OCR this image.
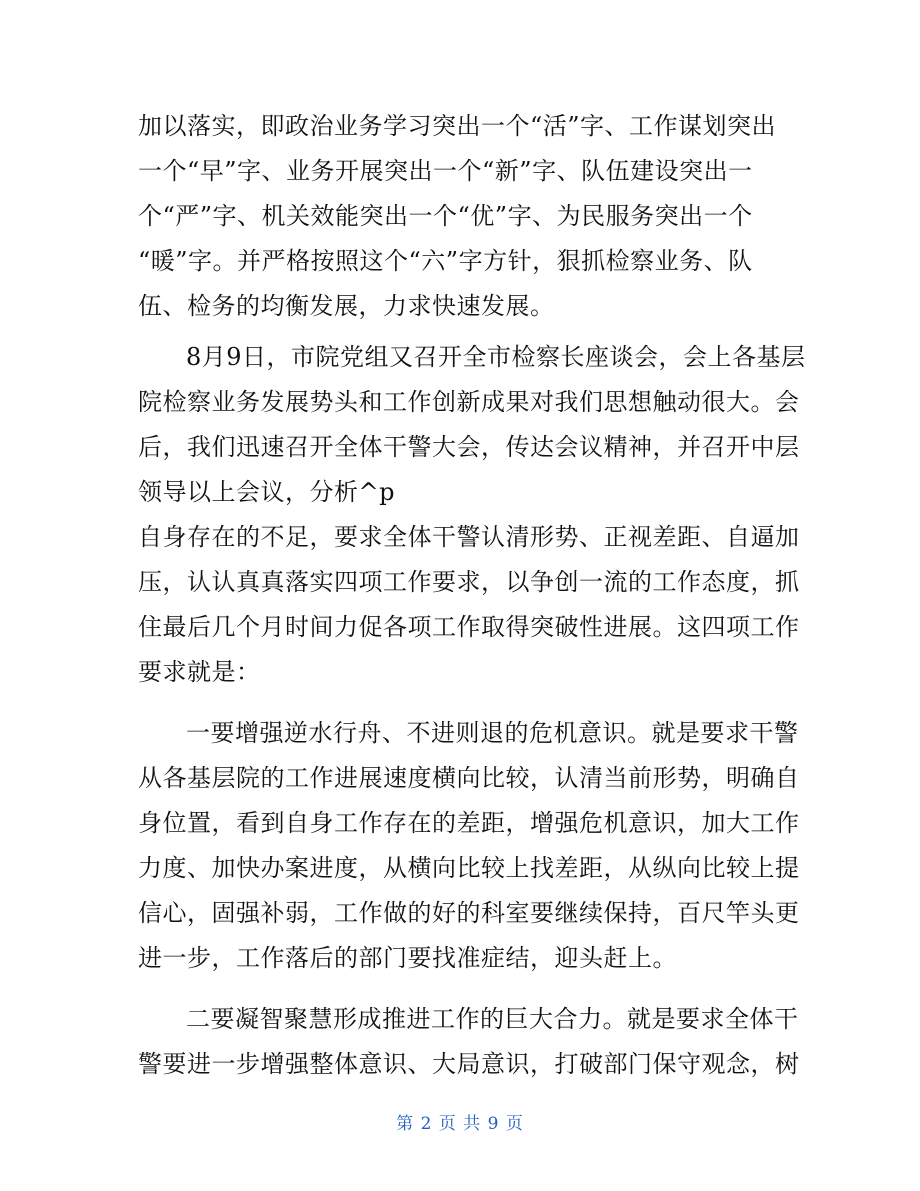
加以落实，即政治业务学习突出一个“活”字、工作谋划突出
一个“早”字、业务开展突出一个“新”字、队伍建设突出一
个“严”字、机关效能突出一个“优”字、为民服务突出一个
“暖”字。并严格按照这个“六”字方针，狠抓检察业务、队
伍、检务的均衡发展，力求快速发展。
8月9日，市院党组又召开全市检察长座谈会，会上各基层
院检察业务发展势头和工作创新成果对我们思想触动很大。会
后，我们迅速召开全体干警大会，传达会议精神，并召开中层
领导以上会议，分析^p
自身存在的不足，要求全体干警认清形势、正视差距、自逼加
压，认认真真落实四项工作要求，以争创一流的工作态度，抓
住最后几个月时间力促各项工作取得突破性进展。这四项工作
要求就是：
一要增强逆水行舟、不进则退的危机意识。就是要求干警
从各基层院的工作进展速度横向比较，认清当前形势，明确自
身位置，看到自身工作存在的差距，增强危机意识，加大工作
力度、加快办案进度，从横向比较上找差距，从纵向比较上提
信心，固强补弱，工作做的好的科室要继续保持，百尺竿头更
进一步，工作落后的部门要找准症结，迎头赶上。
二要凝智聚慧形成推进工作的巨大合力。就是要求全体干
警要进一步增强整体意识、大局意识，打破部门保守观念，树
第 2 页 共 9 页
